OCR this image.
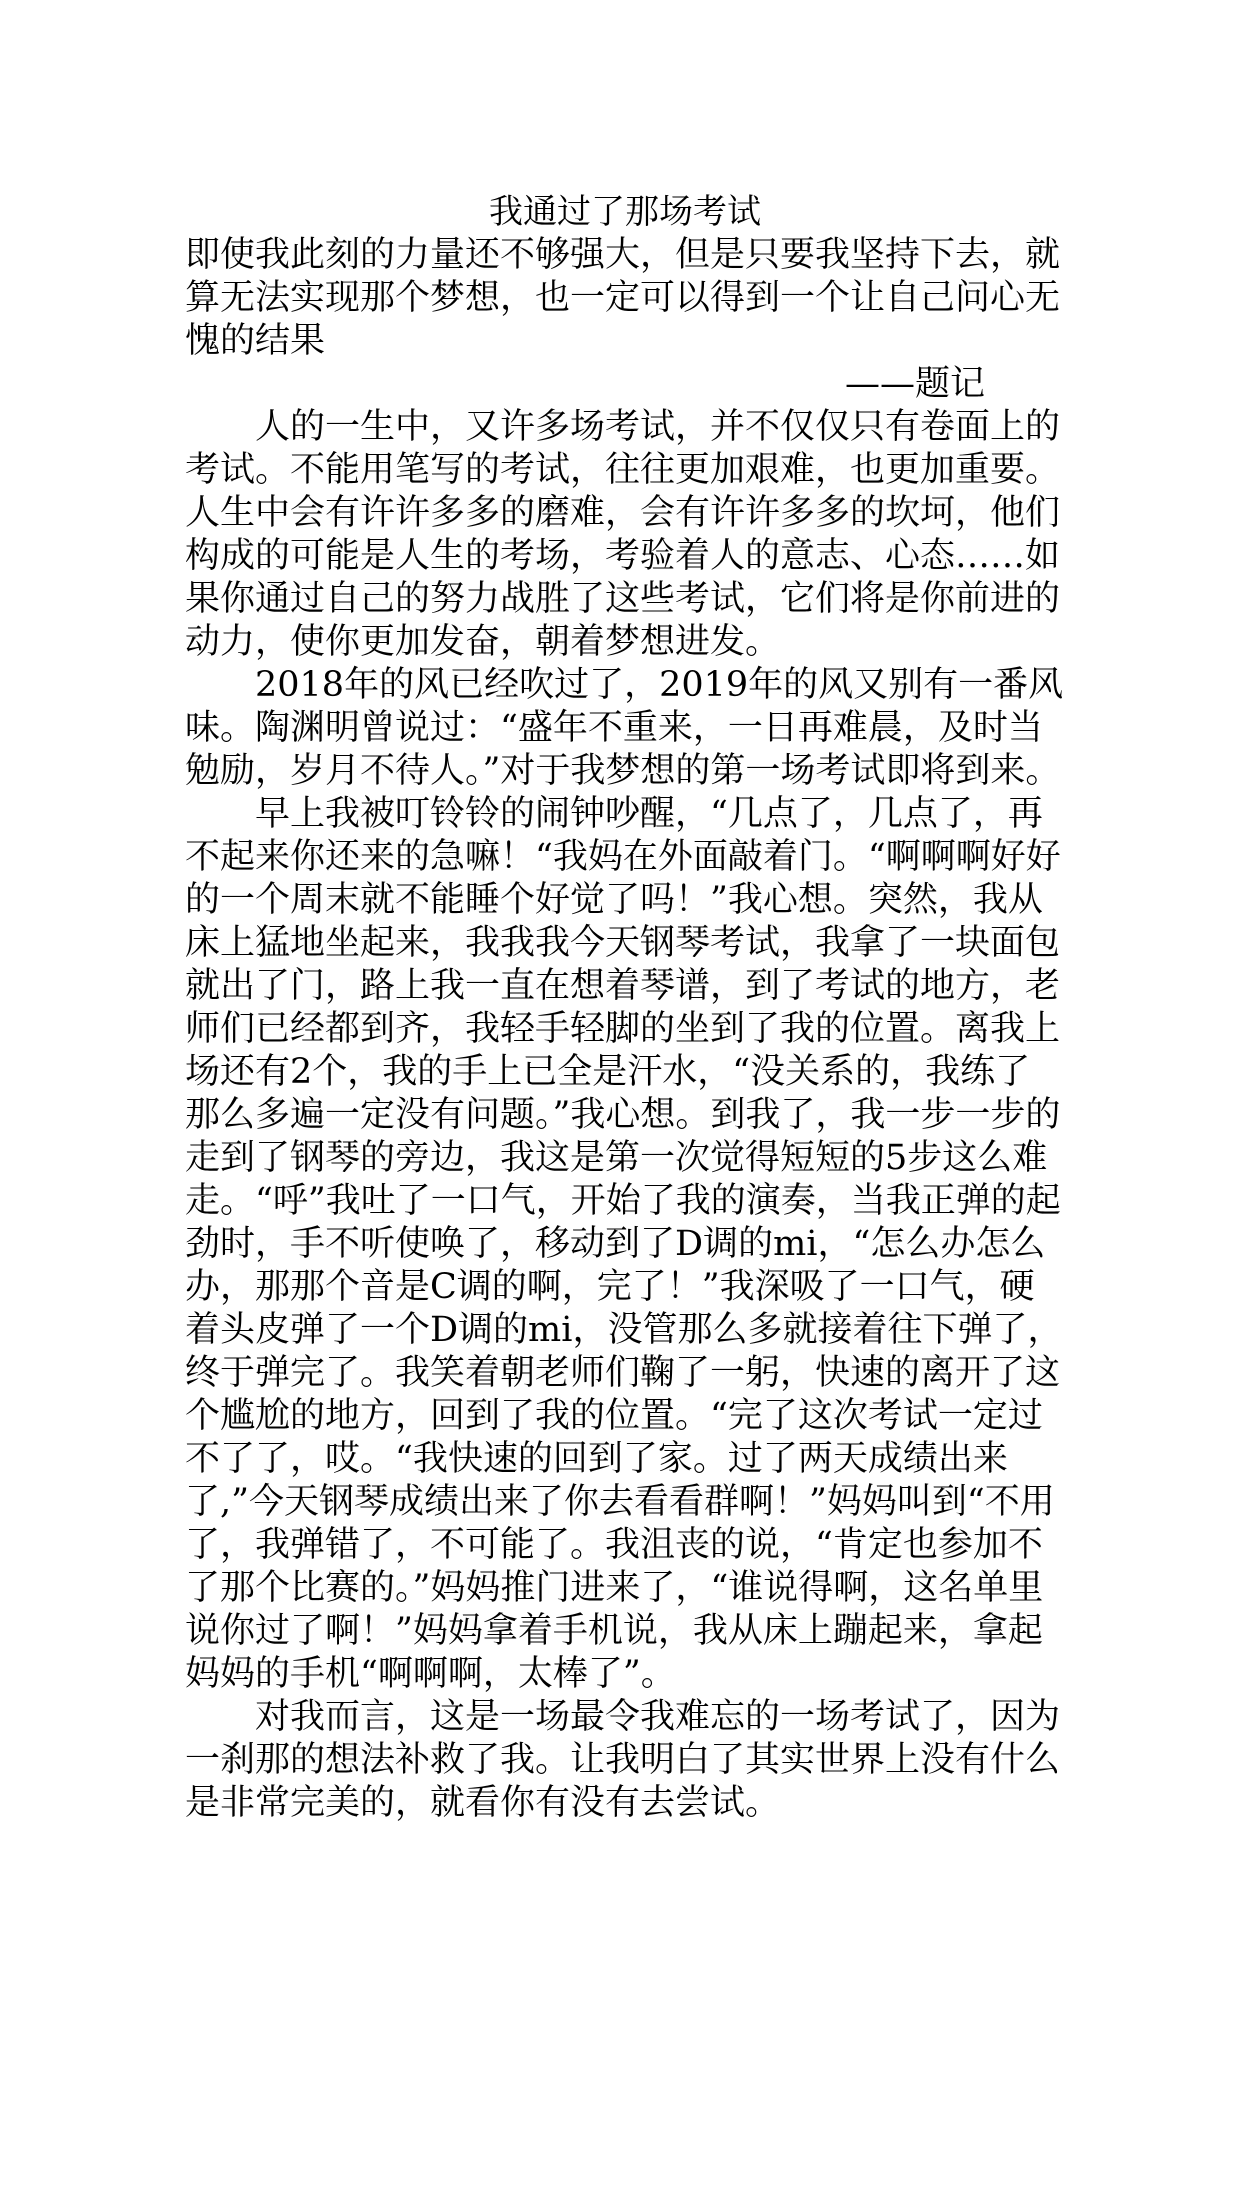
我通过了那场考试

即使我此刻的力量还不够强大，但是只要我坚持下去，就算无法实现那个梦想，也一定可以得到一个让自己问心无愧的结果

——题记

人的一生中，又许多场考试，并不仅仅只有卷面上的考试。不能用笔写的考试，往往更加艰难，也更加重要。人生中会有许许多多的磨难，会有许许多多的坎坷，他们构成的可能是人生的考场，考验着人的意志、心态……如果你通过自己的努力战胜了这些考试，它们将是你前进的动力，使你更加发奋，朝着梦想进发。

2018年的风已经吹过了，2019年的风又别有一番风味。陶渊明曾说过：“盛年不重来，一日再难晨，及时当勉励，岁月不待人。”对于我梦想的第一场考试即将到来。

早上我被叮铃铃的闹钟吵醒，“几点了，几点了，再不起来你还来的急嘛！“我妈在外面敲着门。“啊啊啊好好的一个周末就不能睡个好觉了吗！”我心想。突然，我从床上猛地坐起来，我我我今天钢琴考试，我拿了一块面包就出了门，路上我一直在想着琴谱，到了考试的地方，老师们已经都到齐，我轻手轻脚的坐到了我的位置。离我上场还有2个，我的手上已全是汗水，“没关系的，我练了那么多遍一定没有问题。”我心想。到我了，我一步一步的走到了钢琴的旁边，我这是第一次觉得短短的5步这么难走。“呼”我吐了一口气，开始了我的演奏，当我正弹的起劲时，手不听使唤了，移动到了D调的mi，“怎么办怎么办，那那个音是C调的啊，完了！”我深吸了一口气，硬着头皮弹了一个D调的mi，没管那么多就接着往下弹了，终于弹完了。我笑着朝老师们鞠了一躬，快速的离开了这个尴尬的地方，回到了我的位置。“完了这次考试一定过不了了，哎。“我快速的回到了家。过了两天成绩出来了,”今天钢琴成绩出来了你去看看群啊！”妈妈叫到“不用了，我弹错了，不可能了。我沮丧的说，“肯定也参加不了那个比赛的。”妈妈推门进来了，“谁说得啊，这名单里说你过了啊！”妈妈拿着手机说，我从床上蹦起来，拿起妈妈的手机“啊啊啊，太棒了”。

对我而言，这是一场最令我难忘的一场考试了，因为一刹那的想法补救了我。让我明白了其实世界上没有什么是非常完美的，就看你有没有去尝试。
